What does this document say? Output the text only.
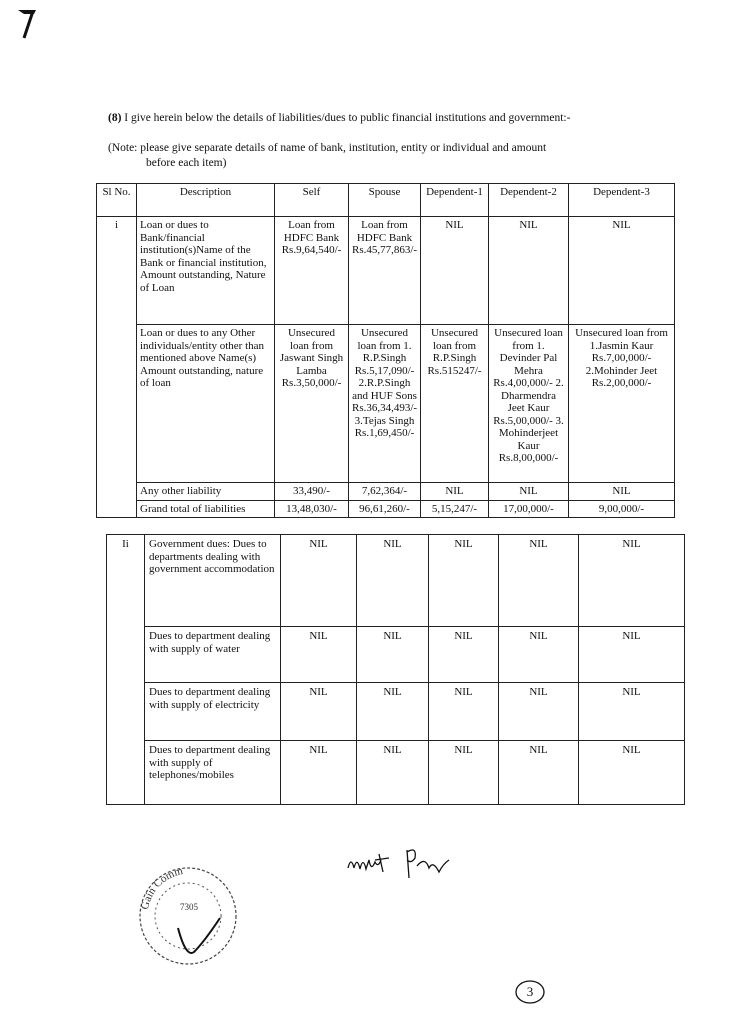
(8) I give herein below the details of liabilities/dues to public financial institutions and government:-
(Note: please give separate details of name of bank, institution, entity or individual and amount
before each item)
Sl No.	Description	Self	Spouse	Dependent-1	Dependent-2	Dependent-3
i	Loan or dues to Bank/financial institution(s)Name of the Bank or financial institution, Amount outstanding, Nature of Loan	Loan from HDFC Bank Rs.9,64,540/-	Loan from HDFC Bank Rs.45,77,863/-	NIL	NIL	NIL
	Loan or dues to any Other individuals/entity other than mentioned above Name(s) Amount outstanding, nature of loan	Unsecured loan from Jaswant Singh Lamba Rs.3,50,000/-	Unsecured loan from 1. R.P.Singh Rs.5,17,090/- 2.R.P.Singh and HUF Sons Rs.36,34,493/- 3.Tejas Singh Rs.1,69,450/-	Unsecured loan from R.P.Singh Rs.515247/-	Unsecured loan from 1. Devinder Pal Mehra Rs.4,00,000/- 2. Dharmendra Jeet Kaur Rs.5,00,000/- 3. Mohinderjeet Kaur Rs.8,00,000/-	Unsecured loan from 1.Jasmin Kaur Rs.7,00,000/- 2.Mohinder Jeet Rs.2,00,000/-
	Any other liability	33,490/-	7,62,364/-	NIL	NIL	NIL
	Grand total of liabilities	13,48,030/-	96,61,260/-	5,15,247/-	17,00,000/-	9,00,000/-
Ii	Government dues: Dues to departments dealing with government accommodation	NIL	NIL	NIL	NIL	NIL
	Dues to department dealing with supply of water	NIL	NIL	NIL	NIL	NIL
	Dues to department dealing with supply of electricity	NIL	NIL	NIL	NIL	NIL
	Dues to department dealing with supply of telephones/mobiles	NIL	NIL	NIL	NIL	NIL
Gain Comm
7305
3
